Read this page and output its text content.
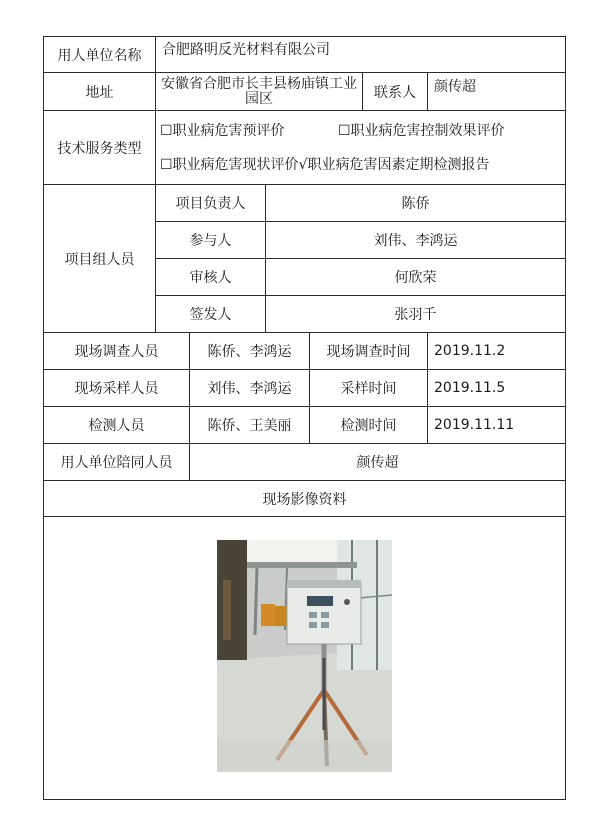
用人单位名称	合肥路明反光材料有限公司					
地址	安徽省合肥市长丰县杨庙镇工业园区				联系人	颜传超
技术服务类型	☐职业病危害预评价 ☐职业病危害控制效果评价
☐职业病危害现状评价√职业病危害因素定期检测报告					

项目组人员	项目负责人		陈侨			
	参与人		刘伟、李鸿运			
	审核人		何欣荣			
	签发人		张羽千			
现场调查人员		陈侨、李鸿运		现场调查时间		2019.11.2
现场采样人员		刘伟、李鸿运		采样时间		2019.11.5
检测人员		陈侨、王美丽		检测时间		2019.11.11
用人单位陪同人员		颜传超				
现场影像资料						
